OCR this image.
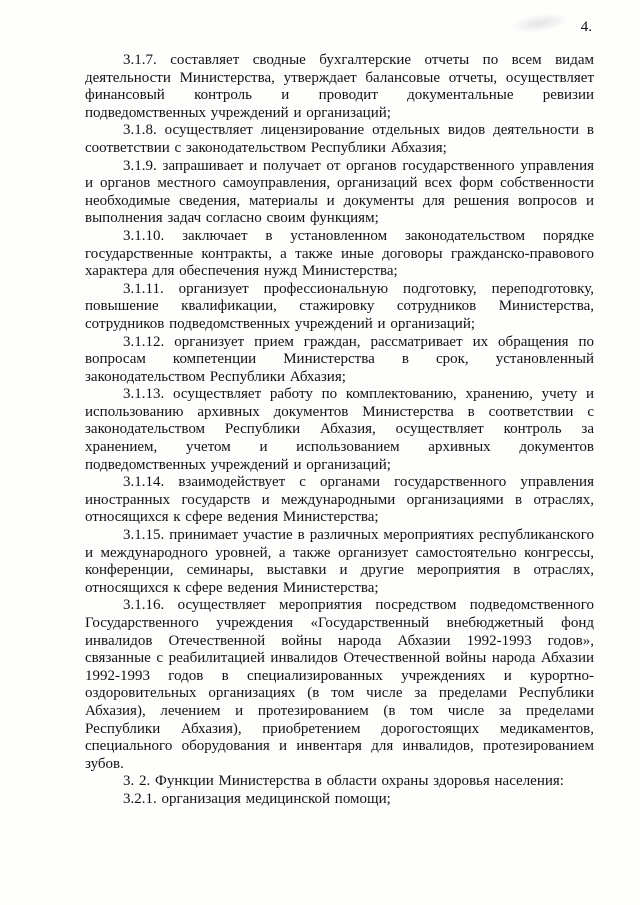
4.

3.1.7. составляет сводные бухгалтерские отчеты по всем видам деятельности Министерства, утверждает балансовые отчеты, осуществляет финансовый контроль и проводит документальные ревизии подведомственных учреждений и организаций;

3.1.8. осуществляет лицензирование отдельных видов деятельности в соответствии с законодательством Республики Абхазия;

3.1.9. запрашивает и получает от органов государственного управления и органов местного самоуправления, организаций всех форм собственности необходимые сведения, материалы и документы для решения вопросов и выполнения задач согласно своим функциям;

3.1.10. заключает в установленном законодательством порядке государственные контракты, а также иные договоры гражданско-правового характера для обеспечения нужд Министерства;

3.1.11. организует профессиональную подготовку, переподготовку, повышение квалификации, стажировку сотрудников Министерства, сотрудников подведомственных учреждений и организаций;

3.1.12. организует прием граждан, рассматривает их обращения по вопросам компетенции Министерства в срок, установленный законодательством Республики Абхазия;

3.1.13. осуществляет работу по комплектованию, хранению, учету и использованию архивных документов Министерства в соответствии с законодательством Республики Абхазия, осуществляет контроль за хранением, учетом и использованием архивных документов подведомственных учреждений и организаций;

3.1.14. взаимодействует с органами государственного управления иностранных государств и международными организациями в отраслях, относящихся к сфере ведения Министерства;

3.1.15. принимает участие в различных мероприятиях республиканского и международного уровней, а также организует самостоятельно конгрессы, конференции, семинары, выставки и другие мероприятия в отраслях, относящихся к сфере ведения Министерства;

3.1.16. осуществляет мероприятия посредством подведомственного Государственного учреждения «Государственный внебюджетный фонд инвалидов Отечественной войны народа Абхазии 1992-1993 годов», связанные с реабилитацией инвалидов Отечественной войны народа Абхазии 1992-1993 годов в специализированных учреждениях и курортно-оздоровительных организациях (в том числе за пределами Республики Абхазия), лечением и протезированием (в том числе за пределами Республики Абхазия), приобретением дорогостоящих медикаментов, специального оборудования и инвентаря для инвалидов, протезированием зубов.

3. 2. Функции Министерства в области охраны здоровья населения:

3.2.1. организация медицинской помощи;
